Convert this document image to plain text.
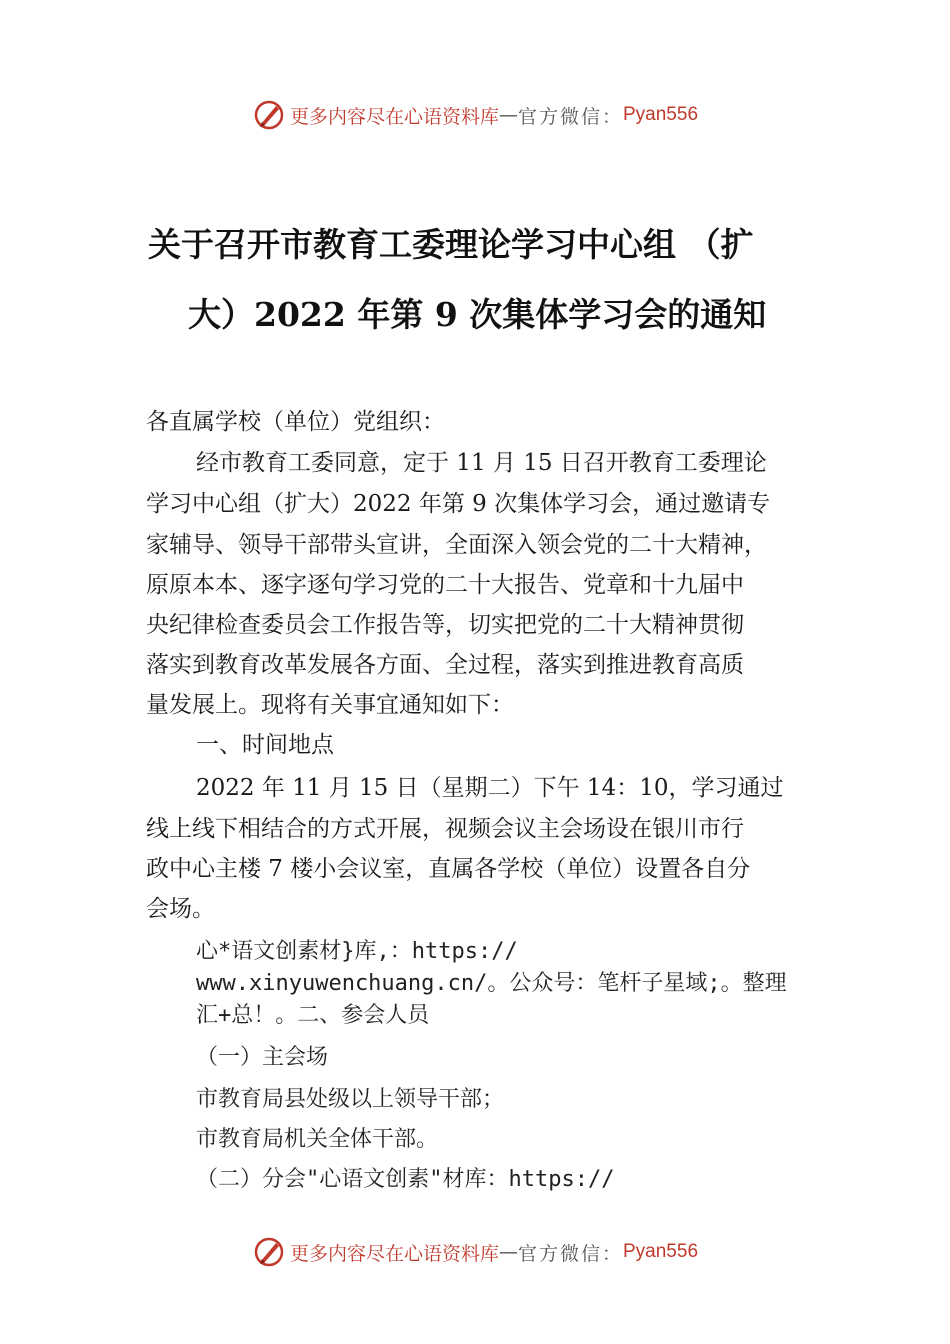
更多内容尽在心语资料库 — 官方微信： Pyan556
关于召开市教育工委理论学习中心组 （扩
大）2022 年第 9 次集体学习会的通知
各直属学校（单位）党组织：
经市教育工委同意，定于 11 月 15 日召开教育工委理论
学习中心组（扩大）2022 年第 9 次集体学习会，通过邀请专
家辅导、领导干部带头宣讲，全面深入领会党的二十大精神，
原原本本、逐字逐句学习党的二十大报告、党章和十九届中
央纪律检查委员会工作报告等，切实把党的二十大精神贯彻
落实到教育改革发展各方面、全过程，落实到推进教育高质
量发展上。现将有关事宜通知如下：
一、时间地点
2022 年 11 月 15 日（星期二）下午 14：10，学习通过
线上线下相结合的方式开展，视频会议主会场设在银川市行
政中心主楼 7 楼小会议室，直属各学校（单位）设置各自分
会场。
心*语文创素材}库,：https://
www.xinyuwenchuang.cn/。公众号：笔杆子星域;。整理
汇+总！。二、参会人员
（一）主会场
市教育局县处级以上领导干部；
市教育局机关全体干部。
（二）分会"心语文创素"材库：https://
更多内容尽在心语资料库 — 官方微信： Pyan556
